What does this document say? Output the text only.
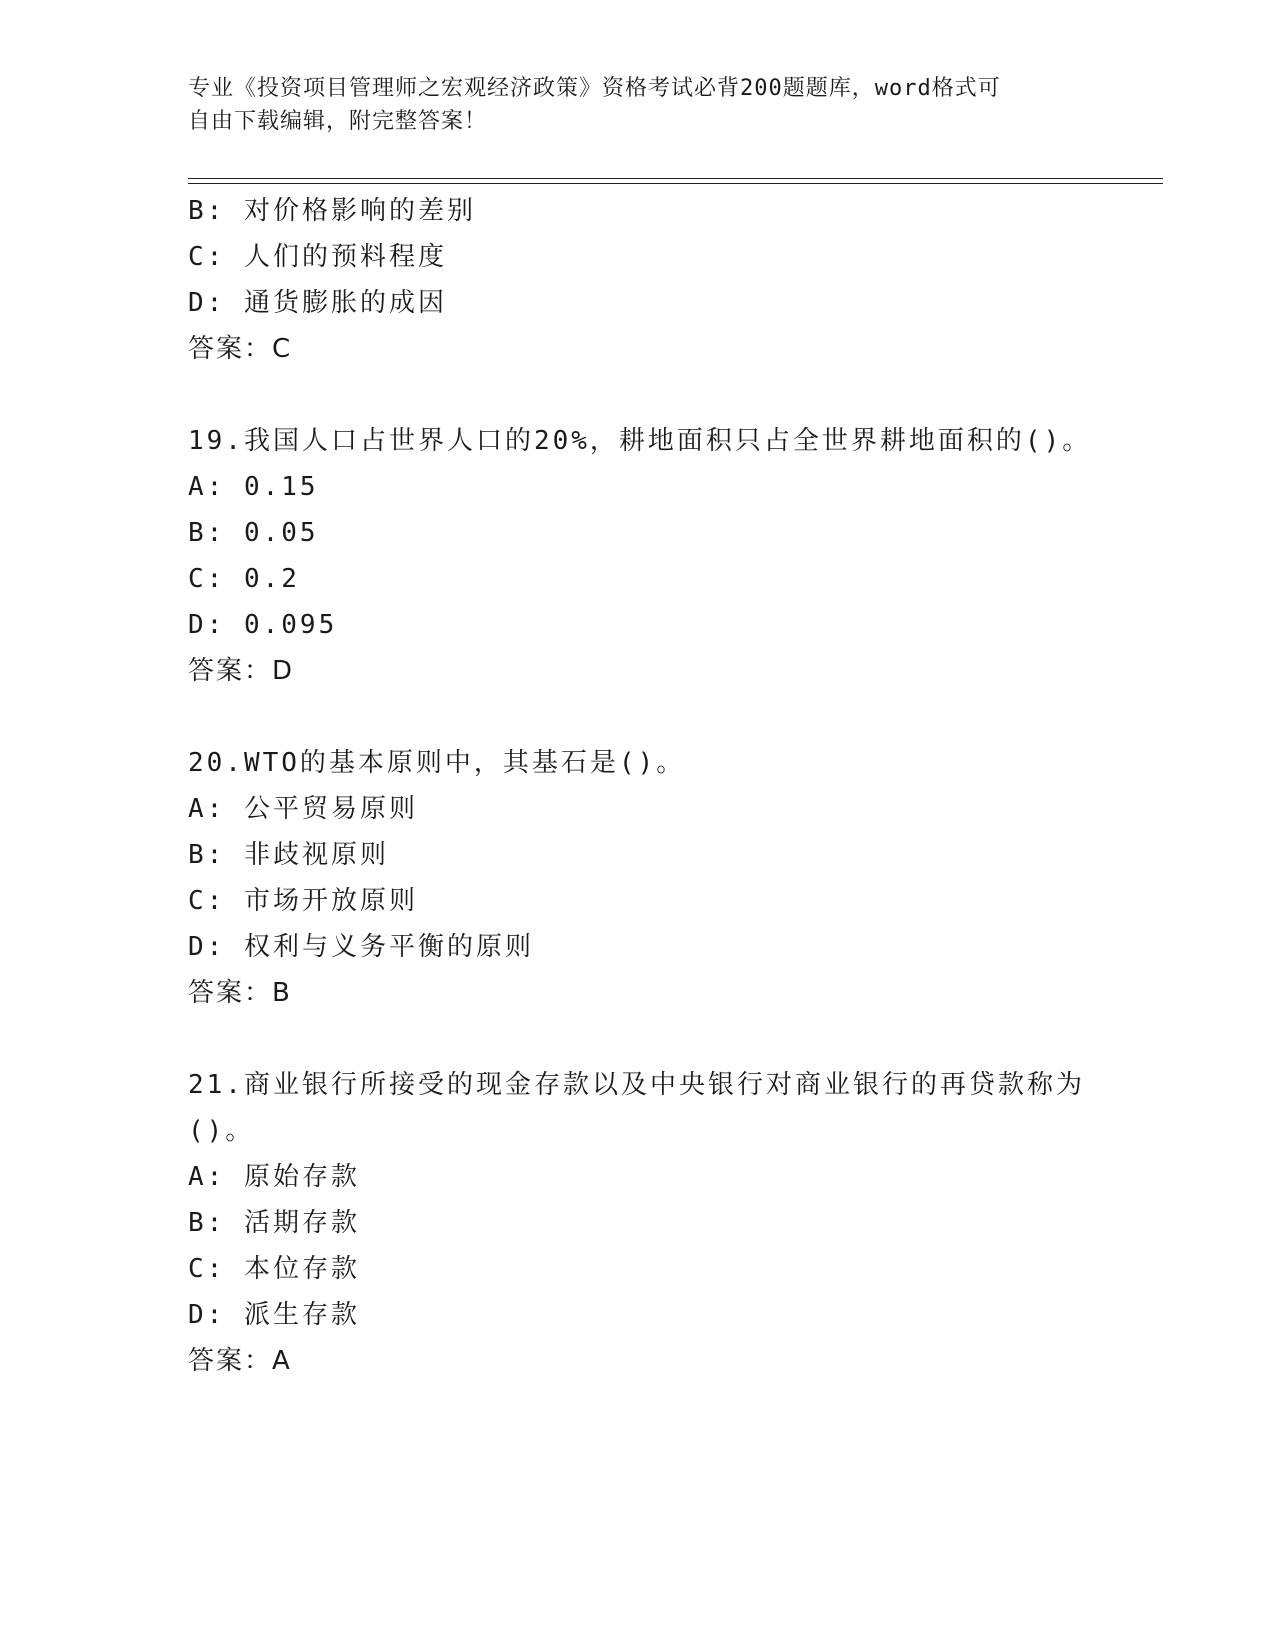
专业《投资项目管理师之宏观经济政策》资格考试必背200题题库，word格式可
自由下载编辑，附完整答案！
B: 对价格影响的差别
C: 人们的预料程度
D: 通货膨胀的成因
答案：C
19.我国人口占世界人口的20%，耕地面积只占全世界耕地面积的()。
A: 0.15
B: 0.05
C: 0.2
D: 0.095
答案：D
20.WTO的基本原则中，其基石是()。
A: 公平贸易原则
B: 非歧视原则
C: 市场开放原则
D: 权利与义务平衡的原则
答案：B
21.商业银行所接受的现金存款以及中央银行对商业银行的再贷款称为
()。
A: 原始存款
B: 活期存款
C: 本位存款
D: 派生存款
答案：A
